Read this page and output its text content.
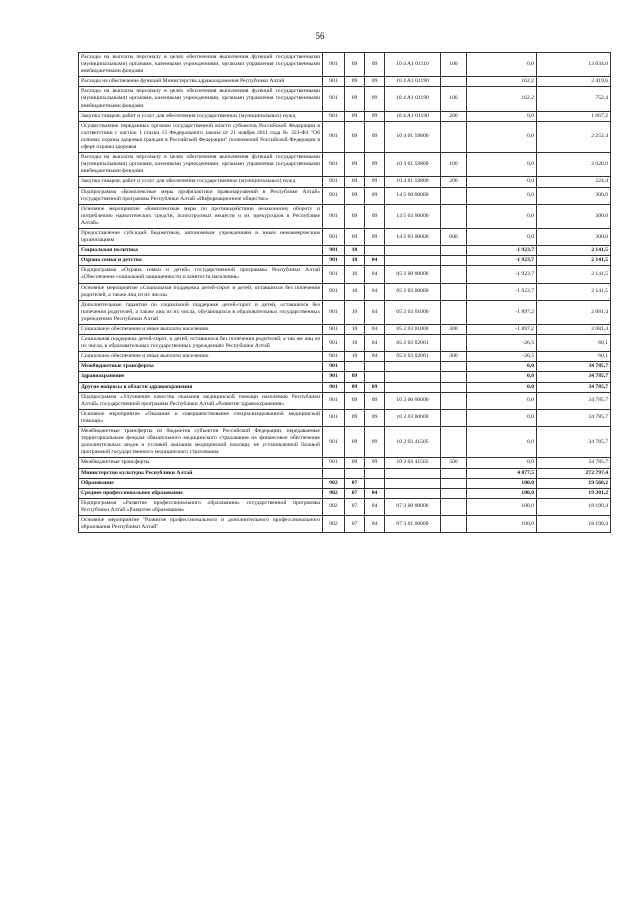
56
Расходы на выплаты персоналу в целях обеспечения выполнения функций государственными (муниципальными) органами, казенными учреждениями, органами управления государственными внебюджетными фондами	901	09	09	10 4 A1 01110	100	0,0	13 034,0
Расходы на обеспечение функций Министерства здравоохранения Республики Алтай	901	09	09	10 4 A1 01190		162,2	2 419,6
Расходы на выплаты персоналу в целях обеспечения выполнения функций государственными (муниципальными) органами, казенными учреждениями, органами управления государственными внебюджетными фондами	901	09	09	10 4 A1 01190	100	162,2	752,4
Закупка товаров, работ и услуг для обеспечения государственных (муниципальных) нужд	901	09	09	10 4 A1 01190	200	0,0	1 667,2
Осуществление переданных органам государственной власти субъектов Российской Федерации в соответствии с частью 1 статьи 15 Федерального закона от 21 ноября 2011 года № 323-ФЗ "Об основах охраны здоровья граждан в Российской Федерации" полномочий Российской Федерации в сфере охраны здоровья	901	09	09	10 4 01 59800		0,0	2 252,4
Расходы на выплаты персоналу в целях обеспечения выполнения функций государственными (муниципальными) органами, казенными учреждениями, органами управления государственными внебюджетными фондами	901	09	09	10 4 01 59800	100	0,0	2 028,0
Закупка товаров, работ и услуг для обеспечения государственных (муниципальных) нужд	901	09	09	10 4 01 59800	200	0,0	224,4
Подпрограмма «Комплексные меры профилактики правонарушений в Республике Алтай» государственной программы Республики Алтай «Информационное общество»	901	09	09	14 5 00 00000		0,0	300,0
Основное мероприятие «Комплексные меры по противодействию незаконному обороту и потреблению наркотических средств, психотропных веществ и их прекурсоров в Республике Алтай»	901	09	09	14 5 03 00000		0,0	300,0
Предоставление субсидий бюджетным, автономным учреждениям и иным некоммерческим организациям	901	09	09	14 5 03 00000	600	0,0	300,0
Социальная политика	901	10				-1 923,7	2 141,5
Охрана семьи и детства	901	10	04			-1 923,7	2 141,5
Подпрограмма «Охрана семьи и детей» государственной программы Республики Алтай «Обеспечение социальной защищенности и занятости населения»	901	10	04	05 2 00 00000		-1 923,7	2 141,5
Основное мероприятие «Социальная поддержка детей-сирот и детей, оставшихся без попечения родителей, а также лиц из их числа»	901	10	04	05 2 03 00000		-1 923,7	2 141,5
Дополнительные гарантии по социальной поддержке детей-сирот и детей, оставшихся без попечения родителей, а также лиц из их числа, обучающихся в образовательных государственных учреждениях Республики Алтай	901	10	04	05 2 03 01000		-1 897,2	2 081,4
Социальное обеспечение и иные выплаты населению	901	10	04	05 2 03 01000	300	-1 897,2	2 081,4
Социальная поддержка детей-сирот, и детей, оставшихся без попечения родителей, а так же лиц из их числа, в образовательных государственных учреждениях Республики Алтай	901	10	04	05 2 03 02061		-26,5	60,1
Социальное обеспечение и иные выплаты населению	901	10	04	05 2 03 02061	300	-26,5	60,1
Межбюджетные трансферты	901					0,0	34 785,7
Здравоохранение	901	09				0,0	34 785,7
Другие вопросы в области здравоохранения	901	09	09			0,0	34 785,7
Подпрограмма «Улучшение качества оказания медицинской помощи населению Республики Алтай» государственной программы Республики Алтай «Развитие здравоохранения»	901	09	09	10 2 00 00000		0,0	34 785,7
Основное мероприятие «Оказание и совершенствование специализированной медицинской помощи»	901	09	09	10 2 03 00000		0,0	34 785,7
Межбюджетные трансферты из бюджетов субъектов Российской Федерации, передаваемые территориальным фондам обязательного медицинского страхования на финансовое обеспечение дополнительных видов и условий оказания медицинской помощи, не установленной базовой программой государственного медицинского страхования	901	09	09	10 2 03 41505		0,0	34 785,7
Межбюджетные трансферты	901	09	09	10 2 03 41505	500	0,0	34 785,7
Министерство культуры Республики Алтай						4 877,5	272 797,4
Образование	902	07				100,0	19 560,2
Среднее профессиональное образование	902	07	04			100,0	19 301,2
Подпрограмма «Развитие профессионального образования» государственной программы Республики Алтай «Развитие образования»	902	07	04	07 3 00 00000		100,0	18 190,4
Основное мероприятие "Развитие профессионального и дополнительного профессионального образования Республики Алтай"	902	07	04	07 3 01 00000		100,0	18 190,4
